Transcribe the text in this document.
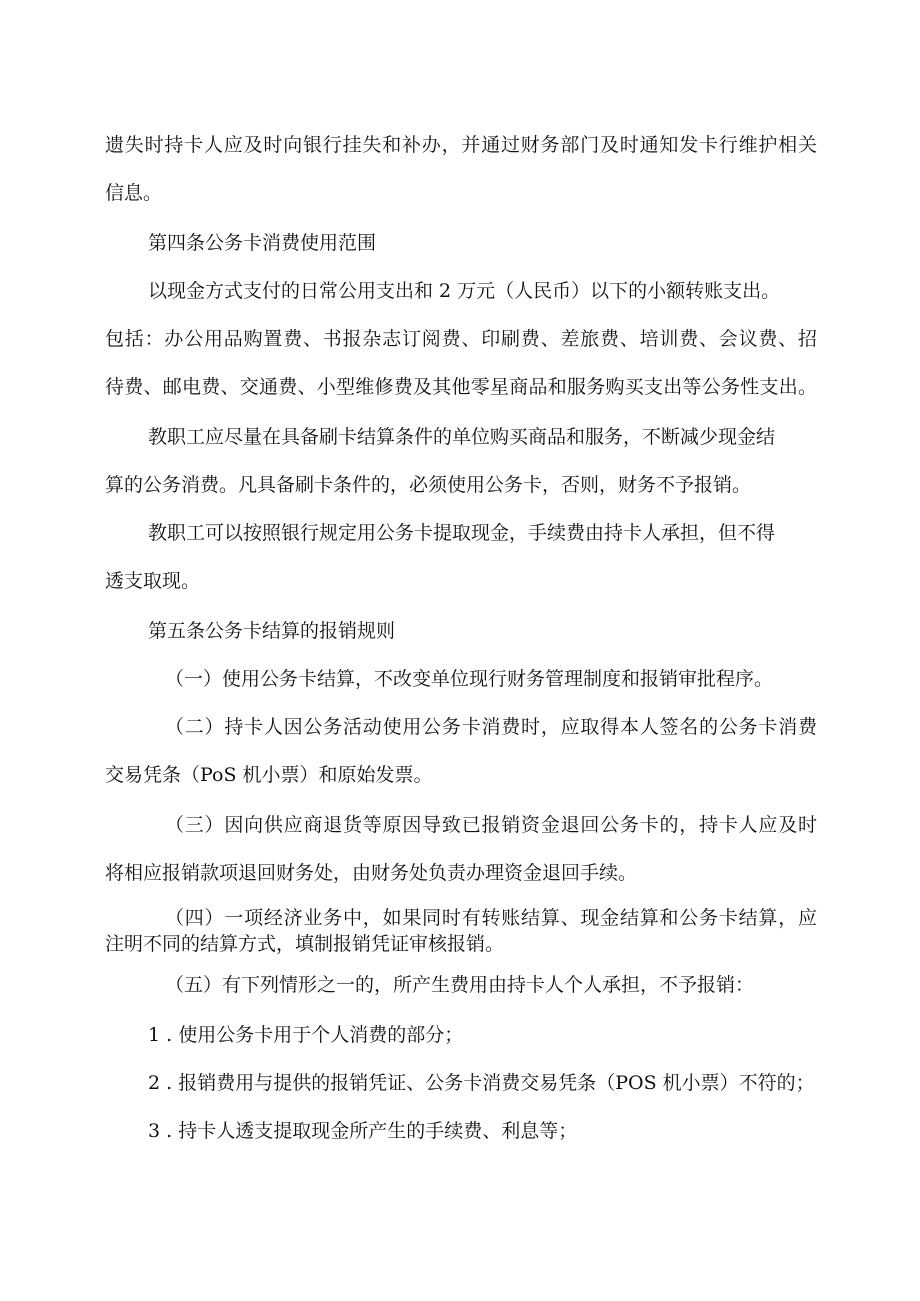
遗失时持卡人应及时向银行挂失和补办，并通过财务部门及时通知发卡行维护相关

信息。

第四条公务卡消费使用范围

以现金方式支付的日常公用支出和 2 万元（人民币）以下的小额转账支出。

包括：办公用品购置费、书报杂志订阅费、印刷费、差旅费、培训费、会议费、招

待费、邮电费、交通费、小型维修费及其他零星商品和服务购买支出等公务性支出。

教职工应尽量在具备刷卡结算条件的单位购买商品和服务，不断减少现金结

算的公务消费。凡具备刷卡条件的，必须使用公务卡，否则，财务不予报销。

教职工可以按照银行规定用公务卡提取现金，手续费由持卡人承担，但不得

透支取现。

第五条公务卡结算的报销规则

（一）使用公务卡结算，不改变单位现行财务管理制度和报销审批程序。

（二）持卡人因公务活动使用公务卡消费时，应取得本人签名的公务卡消费

交易凭条（PoS 机小票）和原始发票。

（三）因向供应商退货等原因导致已报销资金退回公务卡的，持卡人应及时

将相应报销款项退回财务处，由财务处负责办理资金退回手续。

（四）一项经济业务中，如果同时有转账结算、现金结算和公务卡结算，应

注明不同的结算方式，填制报销凭证审核报销。

（五）有下列情形之一的，所产生费用由持卡人个人承担，不予报销：

1 . 使用公务卡用于个人消费的部分；

2 . 报销费用与提供的报销凭证、公务卡消费交易凭条（POS 机小票）不符的；

3 . 持卡人透支提取现金所产生的手续费、利息等；
